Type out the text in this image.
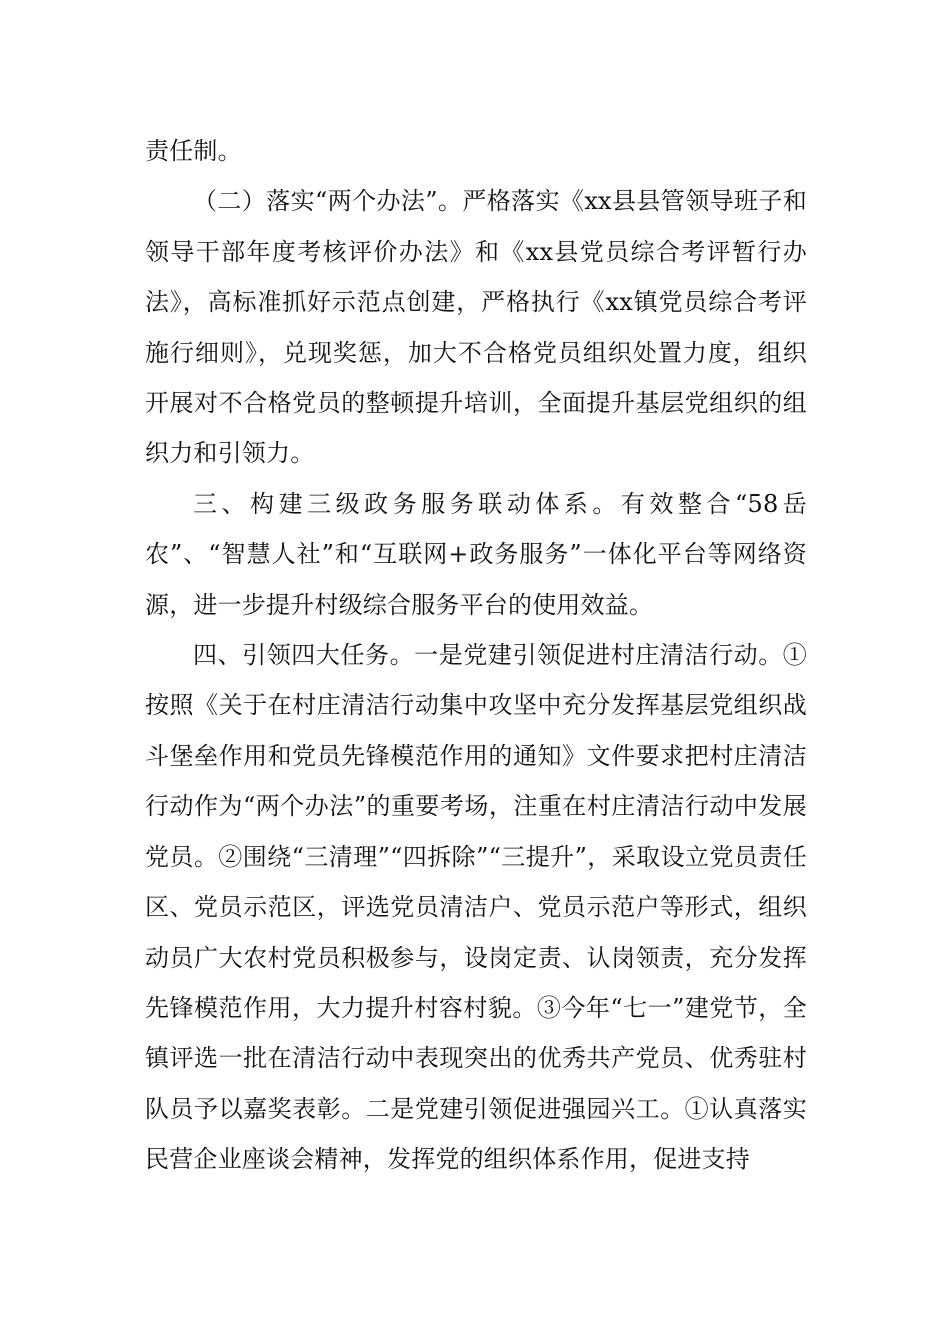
责任制。

（二）落实“两个办法”。严格落实《xx县县管领导班子和领导干部年度考核评价办法》和《xx县党员综合考评暂行办法》，高标准抓好示范点创建，严格执行《xx镇党员综合考评施行细则》，兑现奖惩，加大不合格党员组织处置力度，组织开展对不合格党员的整顿提升培训，全面提升基层党组织的组织力和引领力。

三、构建三级政务服务联动体系。有效整合“58岳农”、“智慧人社”和“互联网+政务服务”一体化平台等网络资源，进一步提升村级综合服务平台的使用效益。

四、引领四大任务。一是党建引领促进村庄清洁行动。①按照《关于在村庄清洁行动集中攻坚中充分发挥基层党组织战斗堡垒作用和党员先锋模范作用的通知》文件要求把村庄清洁行动作为“两个办法”的重要考场，注重在村庄清洁行动中发展党员。②围绕“三清理”“四拆除”“三提升”，采取设立党员责任区、党员示范区，评选党员清洁户、党员示范户等形式，组织动员广大农村党员积极参与，设岗定责、认岗领责，充分发挥先锋模范作用，大力提升村容村貌。③今年“七一”建党节，全镇评选一批在清洁行动中表现突出的优秀共产党员、优秀驻村队员予以嘉奖表彰。二是党建引领促进强园兴工。①认真落实民营企业座谈会精神，发挥党的组织体系作用，促进支持
